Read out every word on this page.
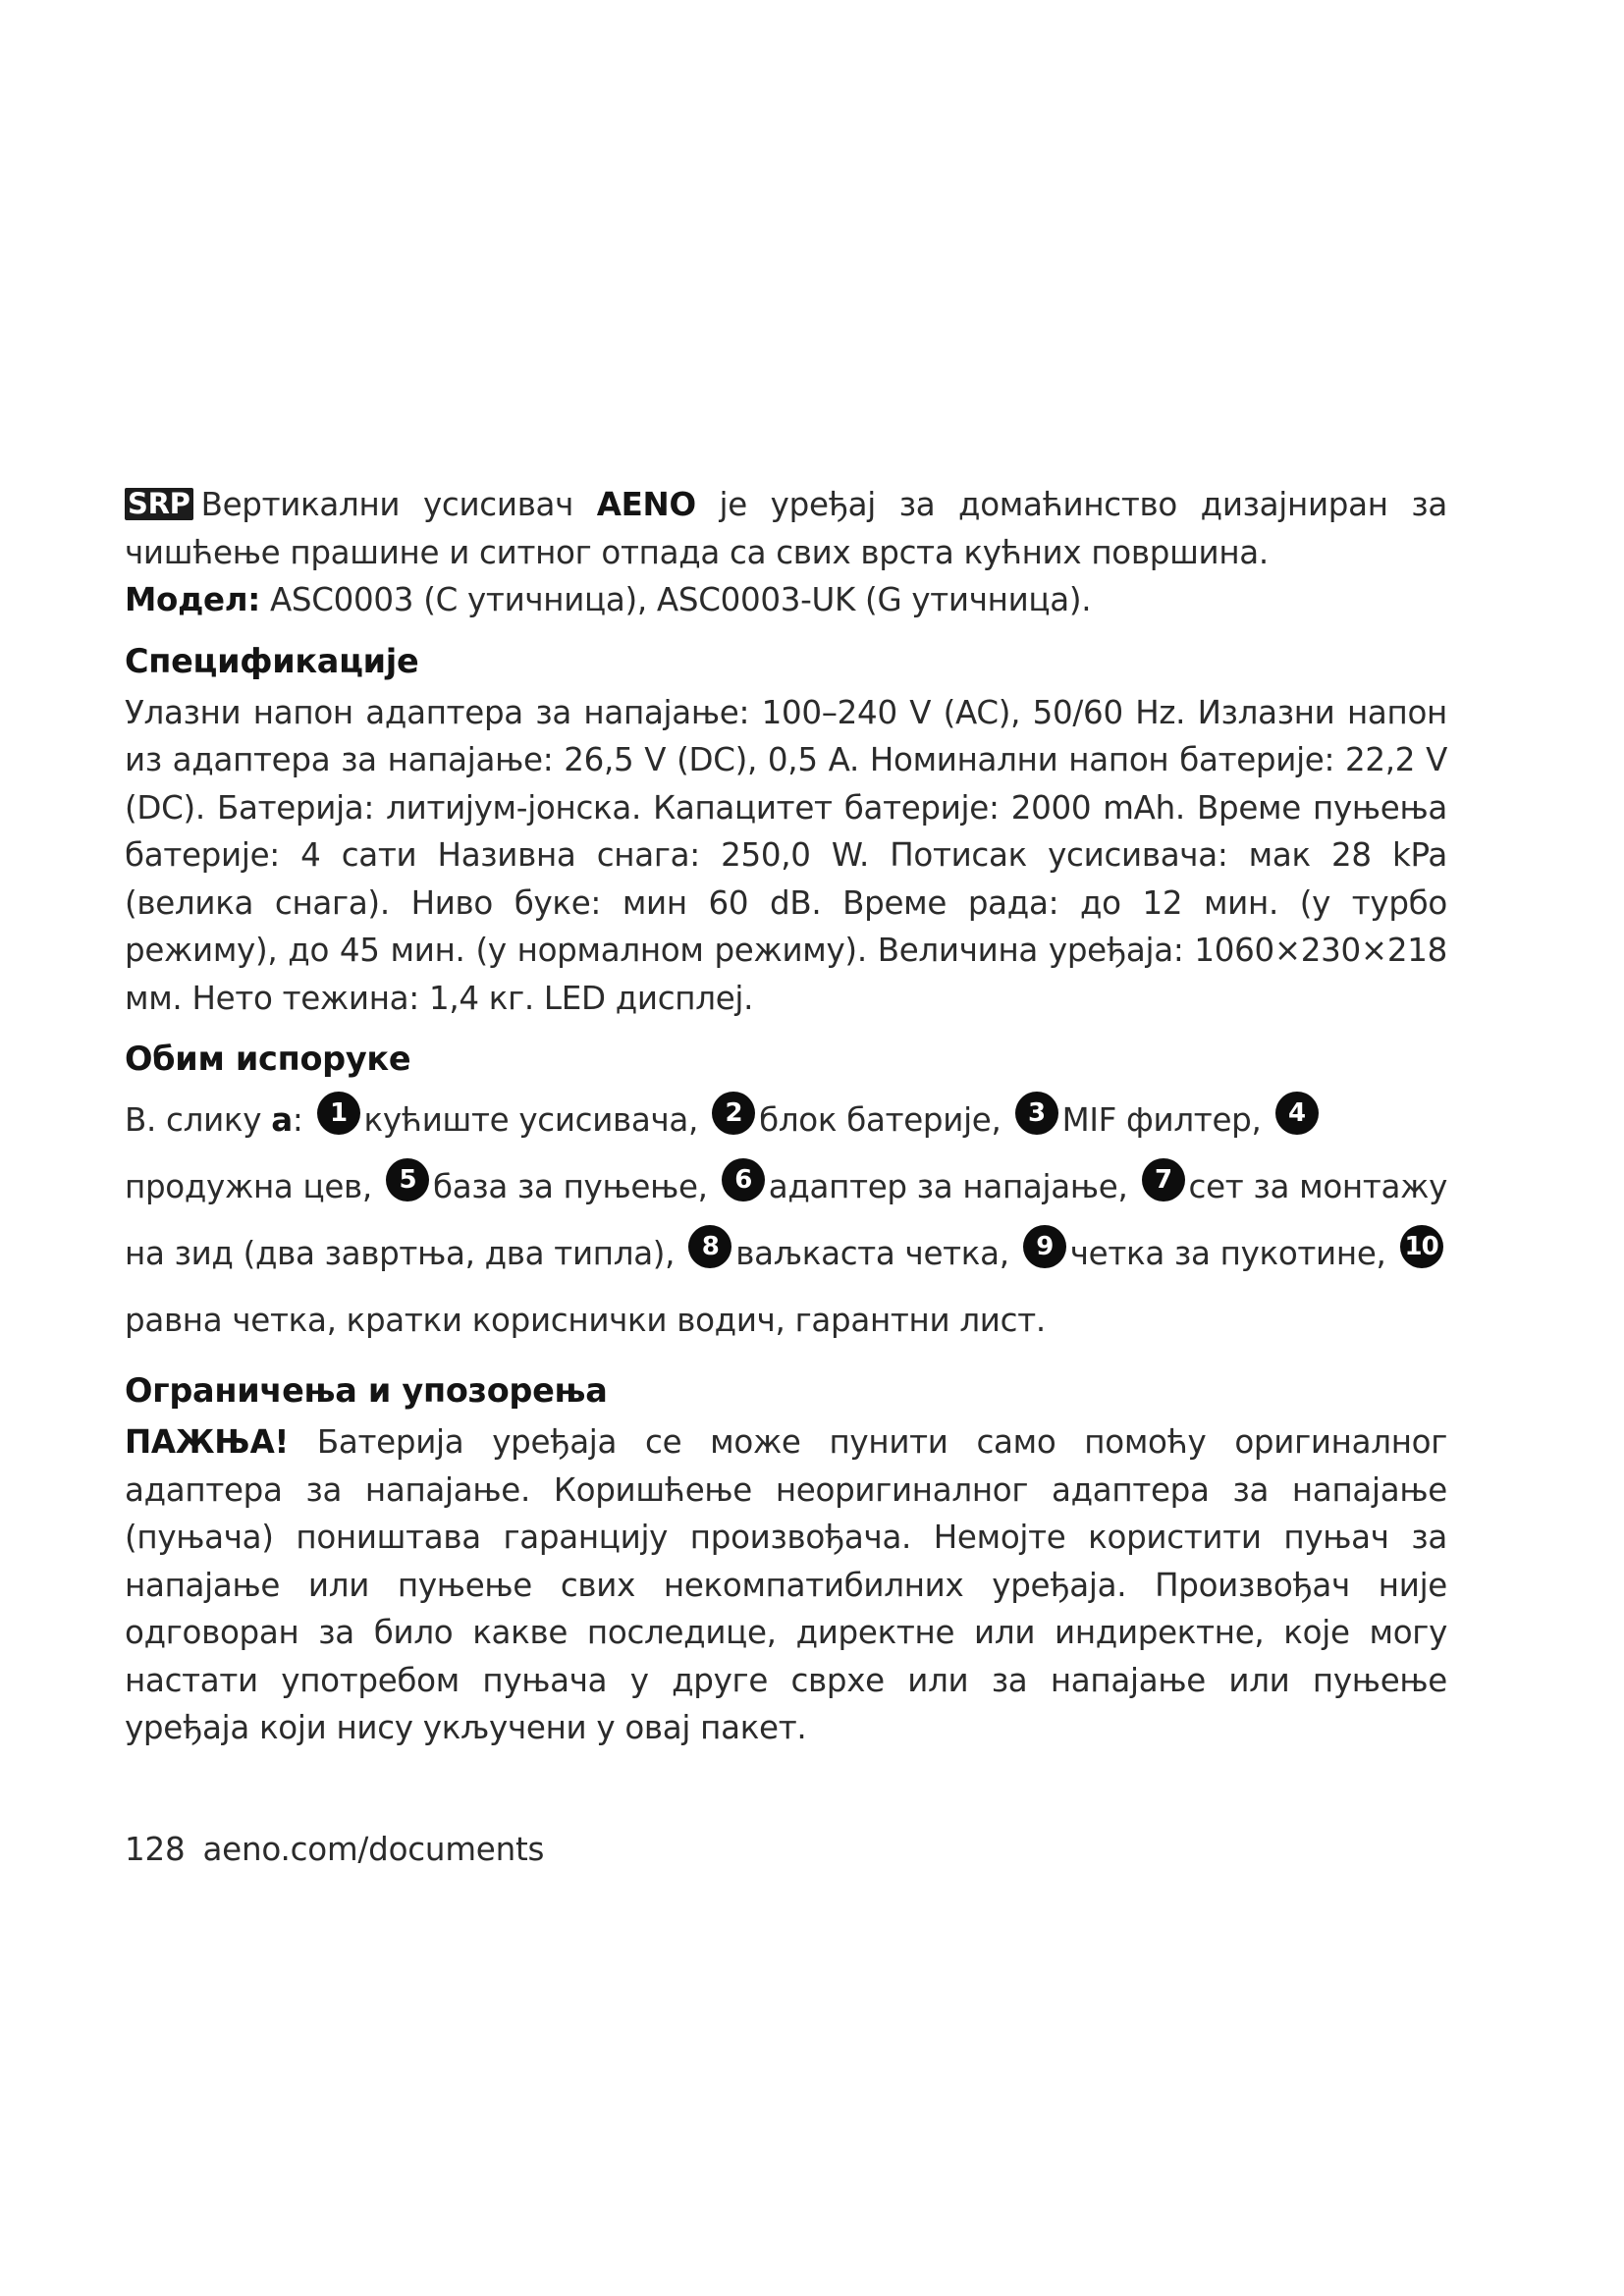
SRP Вертикални усисивач AENO је уређај за домаћинство дизајниран за чишћење прашине и ситног отпада са свих врста кућних површина.
Модел: ASC0003 (C утичница), ASC0003-UK (G утичница).

Спецификације

Улазни напон адаптера за напајање: 100–240 V (AC), 50/60 Hz. Излазни напон из адаптера за напајање: 26,5 V (DC), 0,5 A. Номинални напон батерије: 22,2 V (DC). Батерија: литијум-јонска. Капацитет батерије: 2000 mAh. Време пуњења батерије: 4 сати Називна снага: 250,0 W. Потисак усисивача: мак 28 kPa (велика снага). Ниво буке: мин 60 dB. Време рада: до 12 мин. (у турбо режиму), до 45 мин. (у нормалном режиму). Величина уређаја: 1060×230×218 мм. Нето тежина: 1,4 кг. LED дисплеј.

Обим испоруке

В. слику a: 1 кућиште усисивача, 2 блок батерије, 3 MIF филтер, 4продужна цев, 5 база за пуњење, 6 адаптер за напајање, 7 сет за монтажу на зид (два завртња, два типла), 8 ваљкаста четка, 9 четка за пукотине, 10равна четка, кратки кориснички водич, гарантни лист.

Ограничења и упозорења

ПАЖЊА! Батерија уређаја се може пунити само помоћу оригиналног адаптера за напајање. Коришћење неоригиналног адаптера за напајање (пуњача) поништава гаранцију произвођача. Немојте користити пуњач за напајање или пуњење свих некомпатибилних уређаја. Произвођач није одговоран за било какве последице, директне или индиректне, које могу настати употребом пуњача у друге сврхе или за напајање или пуњење уређаја који нису укључени у овај пакет.

128 aeno.com/documents
